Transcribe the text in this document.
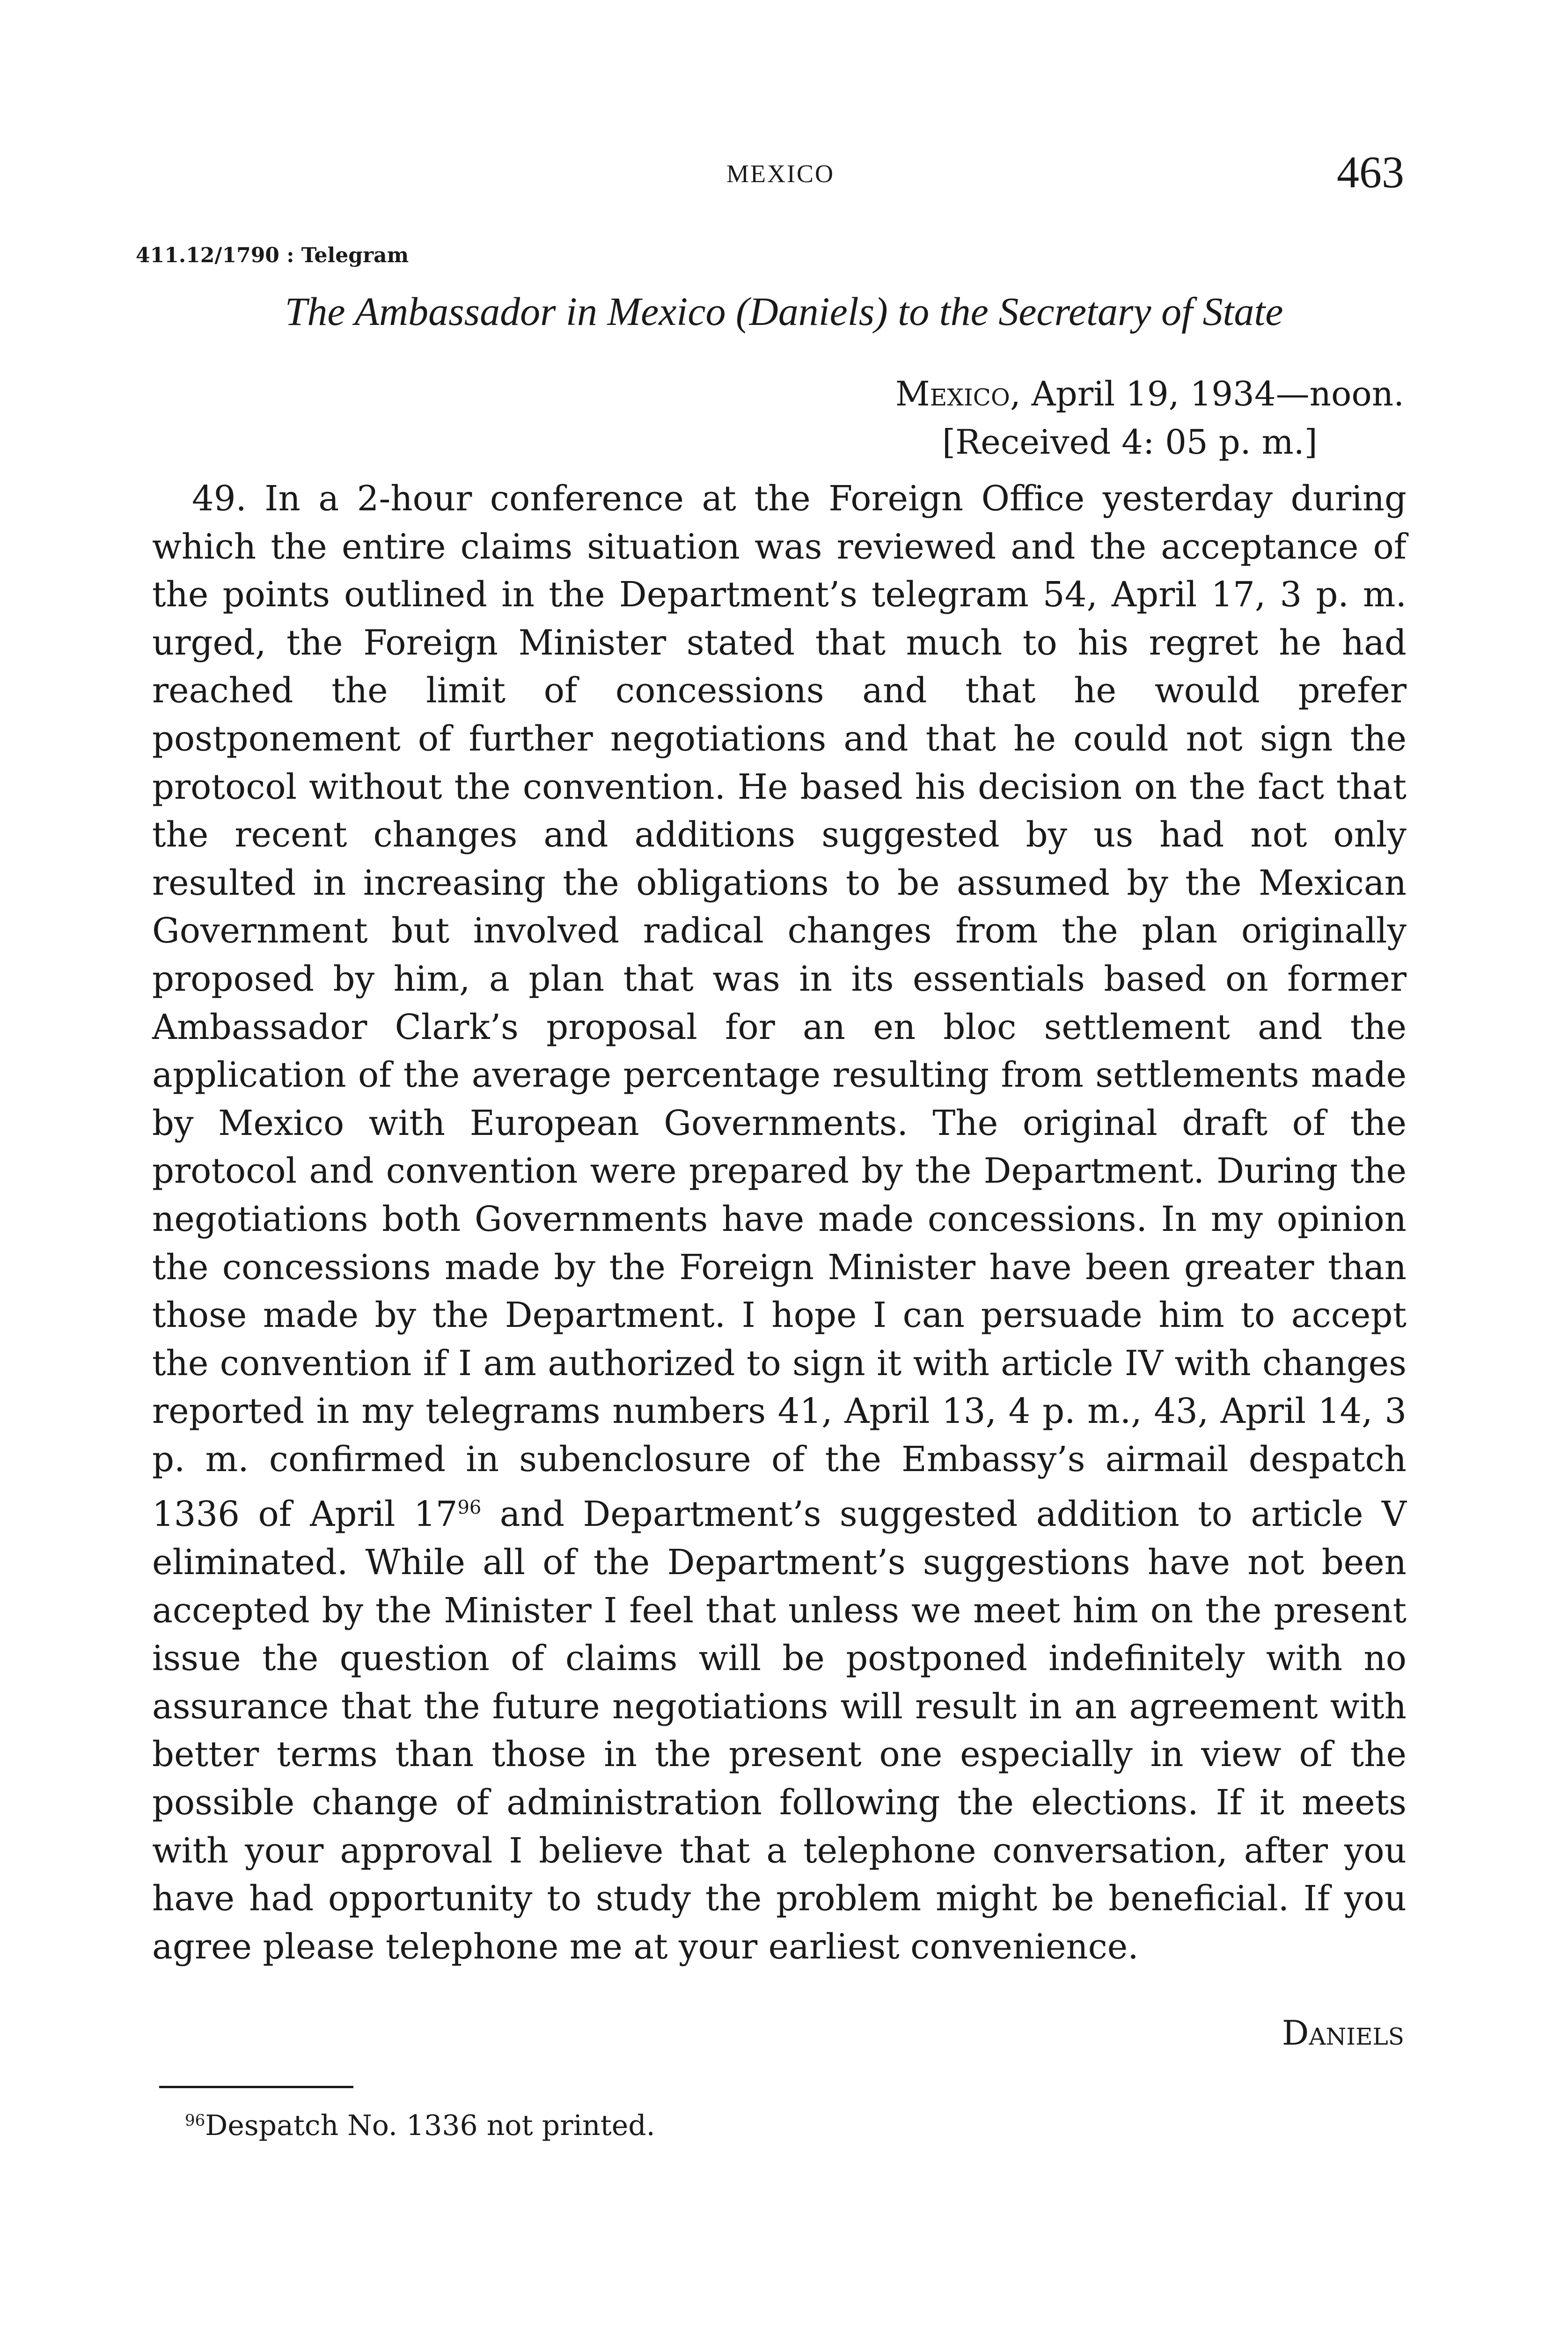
MEXICO	463
411.12/1790 : Telegram
The Ambassador in Mexico (Daniels) to the Secretary of State
Mexico, April 19, 1934—noon.
[Received 4: 05 p. m.]

49. In a 2-hour conference at the Foreign Office yesterday during which the entire claims situation was reviewed and the acceptance of the points outlined in the Department’s telegram 54, April 17, 3 p. m. urged, the Foreign Minister stated that much to his regret he had reached the limit of concessions and that he would prefer postponement of further negotiations and that he could not sign the protocol without the convention. He based his decision on the fact that the recent changes and additions suggested by us had not only resulted in increasing the obligations to be assumed by the Mexican Government but involved radical changes from the plan originally proposed by him, a plan that was in its essentials based on former Ambassador Clark’s proposal for an en bloc settlement and the application of the average percentage resulting from settlements made by Mexico with European Governments. The original draft of the protocol and convention were prepared by the Department. During the negotiations both Governments have made concessions. In my opinion the concessions made by the Foreign Minister have been greater than those made by the Department. I hope I can persuade him to accept the convention if I am authorized to sign it with article IV with changes reported in my telegrams numbers 41, April 13, 4 p. m., 43, April 14, 3 p. m. confirmed in subenclosure of the Embassy’s airmail despatch 1336 of April 17$^{96}$ and Department’s suggested addition to article V eliminated. While all of the Department’s suggestions have not been accepted by the Minister I feel that unless we meet him on the present issue the question of claims will be postponed indefinitely with no assurance that the future negotiations will result in an agreement with better terms than those in the present one especially in view of the possible change of administration following the elections. If it meets with your approval I believe that a telephone conversation, after you have had opportunity to study the problem might be beneficial. If you agree please telephone me at your earliest convenience.

Daniels
$^{96}$Despatch No. 1336 not printed.
